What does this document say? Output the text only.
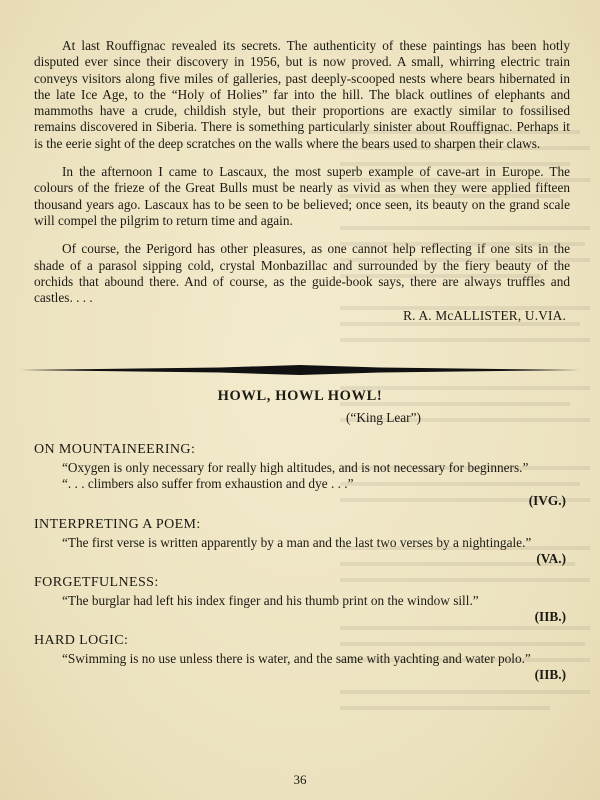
At last Rouffignac revealed its secrets. The authenticity of these paintings has been hotly disputed ever since their discovery in 1956, but is now proved. A small, whirring electric train conveys visitors along five miles of galleries, past deeply-scooped nests where bears hibernated in the late Ice Age, to the “Holy of Holies” far into the hill. The black outlines of elephants and mammoths have a crude, childish style, but their proportions are exactly similar to fossilised remains discovered in Siberia. There is something particularly sinister about Rouffignac. Perhaps it is the eerie sight of the deep scratches on the walls where the bears used to sharpen their claws.

In the afternoon I came to Lascaux, the most superb example of cave-art in Europe. The colours of the frieze of the Great Bulls must be nearly as vivid as when they were applied fifteen thousand years ago. Lascaux has to be seen to be believed; once seen, its beauty on the grand scale will compel the pilgrim to return time and again.

Of course, the Perigord has other pleasures, as one cannot help reflecting if one sits in the shade of a parasol sipping cold, crystal Monbazillac and surrounded by the fiery beauty of the orchids that abound there. And of course, as the guide-book says, there are always truffles and castles. . . .

R. A. McALLISTER, U.VIA.

HOWL, HOWL HOWL!

(“King Lear”)

ON MOUNTAINEERING:

“Oxygen is only necessary for really high altitudes, and is not necessary for beginners.”

“. . . climbers also suffer from exhaustion and dye . . .”

(IVG.)

INTERPRETING A POEM:

“The first verse is written apparently by a man and the last two verses by a nightingale.”

(VA.)

FORGETFULNESS:

“The burglar had left his index finger and his thumb print on the window sill.”

(IIB.)

HARD LOGIC:

“Swimming is no use unless there is water, and the same with yachting and water polo.”

(IIB.)

36
